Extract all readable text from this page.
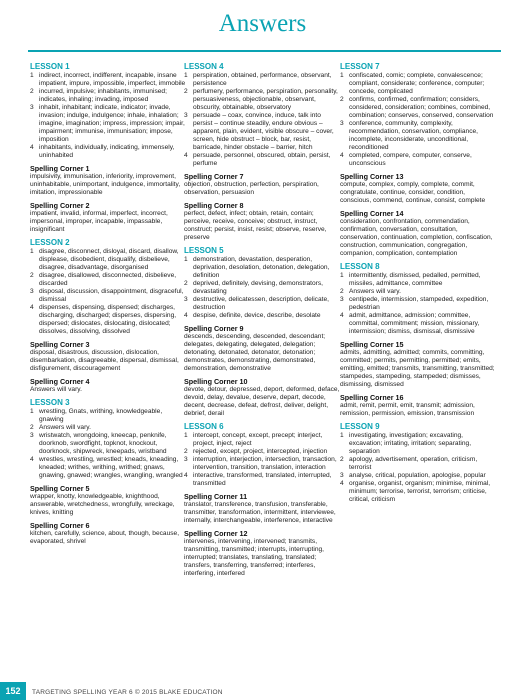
Answers
LESSON 1
1 indirect, incorrect, indifferent, incapable, insane impatient, impure, impossible, imperfect, immobile
2 incurred, impulsive; inhabitants, immunised; indicates, inhaling; invading, imposed
3 inhabit, inhabitant; indicate, indicator; invade, invasion; indulge, indulgence; inhale, inhalation; imagine, imagination; impress, impression; impair, impairment; immunise, immunisation; impose, imposition
4 inhabitants, individually, indicating, immensely, uninhabited
Spelling Corner 1
impulsivity, immunisation, inferiority, improvement, uninhabitable, unimportant, indulgence, immortality, imitation, impressionable
Spelling Corner 2
impatient, invalid, informal, imperfect, incorrect, impersonal, improper, incapable, impassable, insignificant
LESSON 2
1 disagree, disconnect, disloyal, discard, disallow, displease, disobedient, disqualify, disbelieve, disagree, disadvantage, disorganised
2 disagree, disallowed, disconnected, disbelieve, discarded
3 disposal, discussion, disappointment, disgraceful, dismissal
4 dispenses, dispensing, dispensed; discharges, discharging, discharged; disperses, dispersing, dispersed; dislocates, dislocating, dislocated; dissolves, dissolving, dissolved
Spelling Corner 3
disposal, disastrous, discussion, dislocation, disembarkation, disagreeable, dispersal, dismissal, disfigurement, discouragement
Spelling Corner 4
Answers will vary.
LESSON 3
1 wrestling, Gnats, writhing, knowledgeable, gnawing
2 Answers will vary.
3 wristwatch, wrongdoing, kneecap, penknife, doorknob, swordfight, topknot, knockout, doorknock, shipwreck, kneepads, wristband
4 wrestles, wrestling, wrestled; kneads, kneading, kneaded; writhes, writhing, writhed; gnaws, gnawing, gnawed; wrangles, wrangling, wrangled
Spelling Corner 5
wrapper, knotty, knowledgeable, knighthood, answerable, wretchedness, wrongfully, wreckage, knives, knitting
Spelling Corner 6
kitchen, carefully, science, about, though, because, evaporated, shrivel
LESSON 4
1 perspiration, obtained, performance, observant, persistence
2 perfumery, performance, perspiration, personality, persuasiveness, objectionable, observant, obscurity, obtainable, observatory
3 persuade – coax, convince, induce, talk into persist – continue steadily, endure obvious – apparent, plain, evident, visible obscure – cover, screen, hide obstruct – block, bar, resist, barricade, hinder obstacle – barrier, hitch
4 persuade, personnel, obscured, obtain, persist, perfume
Spelling Corner 7
objection, obstruction, perfection, perspiration, observation, persuasion
Spelling Corner 8
perfect, defect, infect; obtain, retain, contain; perceive, receive, conceive; obstruct, instruct, construct; persist, insist, resist; observe, reserve, preserve
LESSON 5
1 demonstration, devastation, desperation, deprivation, desolation, detonation, delegation, definition
2 deprived, definitely, devising, demonstrators, devastating
3 destructive, delicatessen, description, delicate, destruction
4 despise, definite, device, describe, desolate
Spelling Corner 9
descends, descending, descended, descendant; delegates, delegating, delegated, delegation; detonating, detonated, detonator, detonation; demonstrates, demonstrating, demonstrated, demonstration, demonstrative
Spelling Corner 10
devote, detour, depressed, deport, deformed, deface, devoid, delay, devalue, deserve, depart, decode, decent, decrease, defeat, defrost, deliver, delight, debrief, derail
LESSON 6
1 intercept, concept, except, precept; interject, project, inject, reject
2 rejected, except, project, intercepted, injection
3 interruption, interjection, intersection, transaction, intervention, transition, translation, interaction
4 interactive, transformed, translated, interrupted, transmitted
Spelling Corner 11
translator, transference, transfusion, transferable, transmitter, transformation, intermittent, interviewee, internally, interchangeable, interference, interactive
Spelling Corner 12
intervenes, intervening, intervened; transmits, transmitting, transmitted; interrupts, interrupting, interrupted; translates, translating, translated; transfers, transferring, transferred; interferes, interfering, interfered
LESSON 7
1 confiscated, comic; complete, convalescence; compliant, considerate; conference, computer; concede, complicated
2 confirms, confirmed, confirmation; considers, considered, consideration; combines, combined, combination; conserves, conserved, conservation
3 conference, community, complexity, recommendation, conservation, compliance, incomplete, inconsiderate, unconditional, reconditioned
4 completed, compere, computer, conserve, unconscious
Spelling Corner 13
compute, complex, comply, complete, commit, congratulate, continue, consider, condition, conscious, commend, continue, consist, complete
Spelling Corner 14
consideration, confrontation, commendation, confirmation, conversation, consultation, conservation, continuation, completion, confiscation, construction, communication, congregation, companion, complication, contemplation
LESSON 8
1 intermittently, dismissed, pedalled, permitted, missiles, admittance, committee
2 Answers will vary.
3 centipede, intermission, stampeded, expedition, pedestrian
4 admit, admittance, admission; committee, committal, commitment; mission, missionary, intermission; dismiss, dismissal, dismissive
Spelling Corner 15
admits, admitting, admitted; commits, committing, committed; permits, permitting, permitted; emits, emitting, emitted; transmits, transmitting, transmitted; stampedes, stampeding, stampeded; dismisses, dismissing, dismissed
Spelling Corner 16
admit, remit, permit, emit, transmit; admission, remission, permission, emission, transmission
LESSON 9
1 investigating, investigation; excavating, excavation; irritating, irritation; separating, separation
2 apology, advertisement, operation, criticism, terrorist
3 analyse, critical, population, apologise, popular
4 organise, organist, organism; minimise, minimal, minimum; terrorise, terrorist, terrorism; criticise, critical, criticism
152	TARGETING SPELLING YEAR 6 © 2015 BLAKE EDUCATION
